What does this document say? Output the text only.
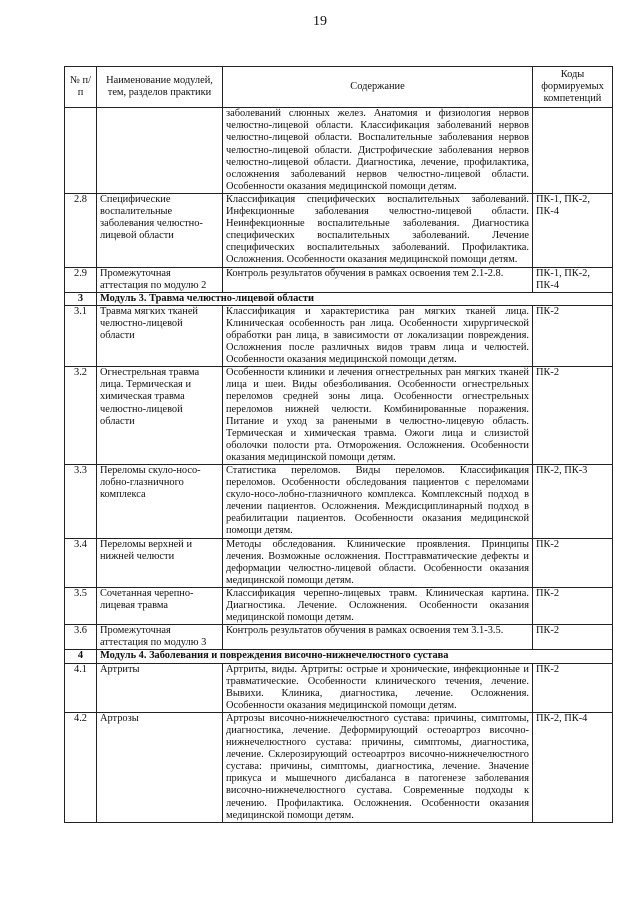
19
№ п/п	Наименование модулей, тем, разделов практики	Содержание	Коды формируемых компетенций
		заболеваний слюнных желез. Анатомия и физиология нервов челюстно-лицевой области. Классификация заболеваний нервов челюстно-лицевой области. Воспалительные заболевания нервов челюстно-лицевой области. Дистрофические заболевания нервов челюстно-лицевой области. Диагностика, лечение, профилактика, осложнения заболеваний нервов челюстно-лицевой области. Особенности оказания медицинской помощи детям.	
2.8	Специфические воспалительные заболевания челюстно-лицевой области	Классификация специфических воспалительных заболеваний. Инфекционные заболевания челюстно-лицевой области. Неинфекционные воспалительные заболевания. Диагностика специфических воспалительных заболеваний. Лечение специфических воспалительных заболеваний. Профилактика. Осложнения. Особенности оказания медицинской помощи детям.	ПК-1, ПК-2, ПК-4
2.9	Промежуточная аттестация по модулю 2	Контроль результатов обучения в рамках освоения тем 2.1-2.8.	ПК-1, ПК-2, ПК-4
3	Модуль 3. Травма челюстно-лицевой области		
3.1	Травма мягких тканей челюстно-лицевой области	Классификация и характеристика ран мягких тканей лица. Клиническая особенность ран лица. Особенности хирургической обработки ран лица, в зависимости от локализации повреждения. Осложнения после различных видов травм лица и челюстей. Особенности оказания медицинской помощи детям.	ПК-2
3.2	Огнестрельная травма лица. Термическая и химическая травма челюстно-лицевой области	Особенности клиники и лечения огнестрельных ран мягких тканей лица и шеи. Виды обезболивания. Особенности огнестрельных переломов средней зоны лица. Особенности огнестрельных переломов нижней челюсти. Комбинированные поражения. Питание и уход за ранеными в челюстно-лицевую область. Термическая и химическая травма. Ожоги лица и слизистой оболочки полости рта. Отморожения. Осложнения. Особенности оказания медицинской помощи детям.	ПК-2
3.3	Переломы скуло-носо-лобно-глазничного комплекса	Статистика переломов. Виды переломов. Классификация переломов. Особенности обследования пациентов с переломами скуло-носо-лобно-глазничного комплекса. Комплексный подход в лечении пациентов. Осложнения. Междисциплинарный подход в реабилитации пациентов. Особенности оказания медицинской помощи детям.	ПК-2, ПК-3
3.4	Переломы верхней и нижней челюсти	Методы обследования. Клинические проявления. Принципы лечения. Возможные осложнения. Посттравматические дефекты и деформации челюстно-лицевой области. Особенности оказания медицинской помощи детям.	ПК-2
3.5	Сочетанная черепно-лицевая травма	Классификация черепно-лицевых травм. Клиническая картина. Диагностика. Лечение. Осложнения. Особенности оказания медицинской помощи детям.	ПК-2
3.6	Промежуточная аттестация по модулю 3	Контроль результатов обучения в рамках освоения тем 3.1-3.5.	ПК-2
4	Модуль 4. Заболевания и повреждения височно-нижнечелюстного сустава		
4.1	Артриты	Артриты, виды. Артриты: острые и хронические, инфекционные и травматические. Особенности клинического течения, лечение. Вывихи. Клиника, диагностика, лечение. Осложнения. Особенности оказания медицинской помощи детям.	ПК-2
4.2	Артрозы	Артрозы височно-нижнечелюстного сустава: причины, симптомы, диагностика, лечение. Деформирующий остеоартроз височно-нижнечелюстного сустава: причины, симптомы, диагностика, лечение. Склерозирующий остеоартроз височно-нижнечелюстного сустава: причины, симптомы, диагностика, лечение. Значение прикуса и мышечного дисбаланса в патогенезе заболевания височно-нижнечелюстного сустава. Современные подходы к лечению. Профилактика. Осложнения. Особенности оказания медицинской помощи детям.	ПК-2, ПК-4
